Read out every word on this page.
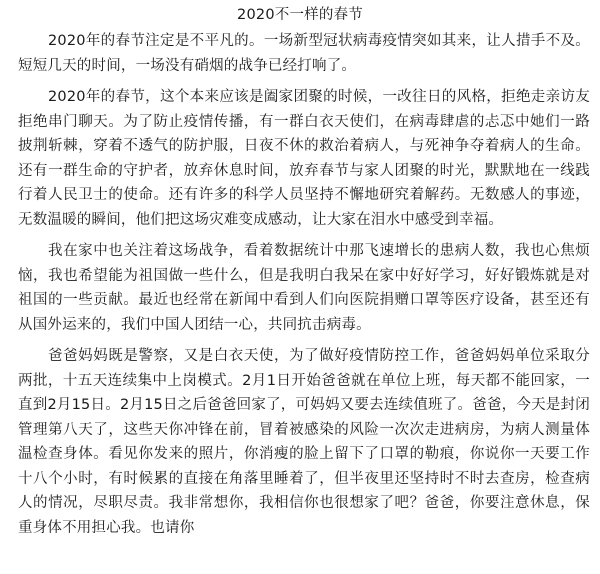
2020不一样的春节

2020年的春节注定是不平凡的。一场新型冠状病毒疫情突如其来，让人措手不及。短短几天的时间，一场没有硝烟的战争已经打响了。

2020年的春节，这个本来应该是阖家团聚的时候，一改往日的风格，拒绝走亲访友拒绝串门聊天。为了防止疫情传播，有一群白衣天使们，在病毒肆虐的忐忑中她们一路披荆斩棘，穿着不透气的防护服，日夜不休的救治着病人，与死神争夺着病人的生命。还有一群生命的守护者，放弃休息时间，放弃春节与家人团聚的时光，默默地在一线践行着人民卫士的使命。还有许多的科学人员坚持不懈地研究着解药。无数感人的事迹，无数温暖的瞬间，他们把这场灾难变成感动，让大家在泪水中感受到幸福。

我在家中也关注着这场战争，看着数据统计中那飞速增长的患病人数，我也心焦烦恼，我也希望能为祖国做一些什么，但是我明白我呆在家中好好学习，好好锻炼就是对祖国的一些贡献。最近也经常在新闻中看到人们向医院捐赠口罩等医疗设备，甚至还有从国外运来的，我们中国人团结一心，共同抗击病毒。

爸爸妈妈既是警察，又是白衣天使，为了做好疫情防控工作，爸爸妈妈单位采取分两批，十五天连续集中上岗模式。2月1日开始爸爸就在单位上班，每天都不能回家，一直到2月15日。2月15日之后爸爸回家了，可妈妈又要去连续值班了。爸爸，今天是封闭管理第八天了，这些天你冲锋在前，冒着被感染的风险一次次走进病房，为病人测量体温检查身体。看见你发来的照片，你消瘦的脸上留下了口罩的勒痕，你说你一天要工作十八个小时，有时候累的直接在角落里睡着了，但半夜里还坚持时不时去查房，检查病人的情况，尽职尽责。我非常想你，我相信你也很想家了吧？爸爸，你要注意休息，保重身体不用担心我。也请你
